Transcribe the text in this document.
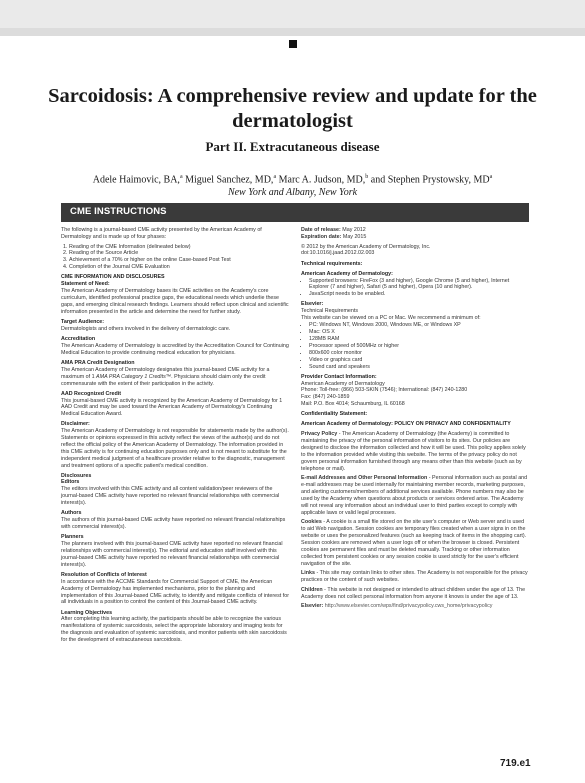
Sarcoidosis: A comprehensive review and update for the dermatologist
Part II. Extracutaneous disease
Adele Haimovic, BA,$^a$ Miguel Sanchez, MD,$^a$ Marc A. Judson, MD,$^b$ and Stephen Prystowsky, $MD^a$
New York and Albany, New York
CME INSTRUCTIONS

The following is a journal-based CME activity presented by the American Academy of Dermatology and is made up of four phases:

1. Reading of the CME Information (delineated below)
2. Reading of the Source Article
3. Achievement of a 70% or higher on the online Case-based Post Test
4. Completion of the Journal CME Evaluation

CME INFORMATION AND DISCLOSURES

Statement of Need:

The American Academy of Dermatology bases its CME activities on the Academy's core curriculum, identified professional practice gaps, the educational needs which underlie these gaps, and emerging clinical research findings. Learners should reflect upon clinical and scientific information presented in the article and determine the need for further study.

Target Audience:

Dermatologists and others involved in the delivery of dermatologic care.

Accreditation

The American Academy of Dermatology is accredited by the Accreditation Council for Continuing Medical Education to provide continuing medical education for physicians.

AMA PRA Credit Designation

The American Academy of Dermatology designates this journal-based CME activity for a maximum of 1 AMA PRA Category 1 Credits™. Physicians should claim only the credit commensurate with the extent of their participation in the activity.

AAD Recognized Credit

This journal-based CME activity is recognized by the American Academy of Dermatology for 1 AAD Credit and may be used toward the American Academy of Dermatology's Continuing Medical Education Award.

Disclaimer:

The American Academy of Dermatology is not responsible for statements made by the author(s). Statements or opinions expressed in this activity reflect the views of the author(s) and do not reflect the official policy of the American Academy of Dermatology. The information provided in this CME activity is for continuing education purposes only and is not meant to substitute for the independent medical judgment of a healthcare provider relative to the diagnostic, management and treatment options of a specific patient's medical condition.

Disclosures

Editors

The editors involved with this CME activity and all content validation/peer reviewers of the journal-based CME activity have reported no relevant financial relationships with commercial interest(s).

Authors

The authors of this journal-based CME activity have reported no relevant financial relationships with commercial interest(s).

Planners

The planners involved with this journal-based CME activity have reported no relevant financial relationships with commercial interest(s). The editorial and education staff involved with this journal-based CME activity have reported no relevant financial relationships with commercial interest(s).

Resolution of Conflicts of Interest

In accordance with the ACCME Standards for Commercial Support of CME, the American Academy of Dermatology has implemented mechanisms, prior to the planning and implementation of this Journal-based CME activity, to identify and mitigate conflicts of interest for all individuals in a position to control the content of this Journal-based CME activity.

Learning Objectives

After completing this learning activity, the participants should be able to recognize the various manifestations of systemic sarcoidosis, select the appropriate laboratory and imaging tests for the diagnosis and evaluation of systemic sarcoidosis, and monitor patients with skin sarcoidosis for the development of extracutaneous sarcoidosis.

Date of release: May 2012

Expiration date: May 2015

© 2012 by the American Academy of Dermatology, Inc.

doi:10.1016/j.jaad.2012.02.003

Technical requirements:

American Academy of Dermatology:

• Supported browsers: FireFox (3 and higher), Google Chrome (5 and higher), Internet Explorer (7 and higher), Safari (5 and higher), Opera (10 and higher).
• JavaScript needs to be enabled.

Elsevier:

Technical Requirements

This website can be viewed on a PC or Mac. We recommend a minimum of:

• PC: Windows NT, Windows 2000, Windows ME, or Windows XP
• Mac: OS X
• 128MB RAM
• Processor speed of 500MHz or higher
• 800x600 color monitor
• Video or graphics card
• Sound card and speakers

Provider Contact Information:

American Academy of Dermatology

Phone: Toll-free: (866) 503-SKIN (7546); International: (847) 240-1280

Fax: (847) 240-1859

Mail: P.O. Box 4014; Schaumburg, IL 60168

Confidentiality Statement:

American Academy of Dermatology: POLICY ON PRIVACY AND CONFIDENTIALITY

Privacy Policy - The American Academy of Dermatology (the Academy) is committed to maintaining the privacy of the personal information of visitors to its sites. Our policies are designed to disclose the information collected and how it will be used. This policy applies solely to the information provided while visiting this website. The terms of the privacy policy do not govern personal information furnished through any means other than this website (such as by telephone or mail).

E-mail Addresses and Other Personal Information - Personal information such as postal and e-mail addresses may be used internally for maintaining member records, marketing purposes, and alerting customers/members of additional services available. Phone numbers may also be used by the Academy when questions about products or services ordered arise. The Academy will not reveal any information about an individual user to third parties except to comply with applicable laws or valid legal processes.

Cookies - A cookie is a small file stored on the site user's computer or Web server and is used to aid Web navigation. Session cookies are temporary files created when a user signs in on the website or uses the personalized features (such as keeping track of items in the shopping cart). Session cookies are removed when a user logs off or when the browser is closed. Persistent cookies are permanent files and must be deleted manually. Tracking or other information collected from persistent cookies or any session cookie is used strictly for the user's efficient navigation of the site.

Links - This site may contain links to other sites. The Academy is not responsible for the privacy practices or the content of such websites.

Children - This website is not designed or intended to attract children under the age of 13. The Academy does not collect personal information from anyone it knows is under the age of 13.

Elsevier: http://www.elsevier.com/wps/find/privacypolicy.cws_home/privacypolicy

719.e1
